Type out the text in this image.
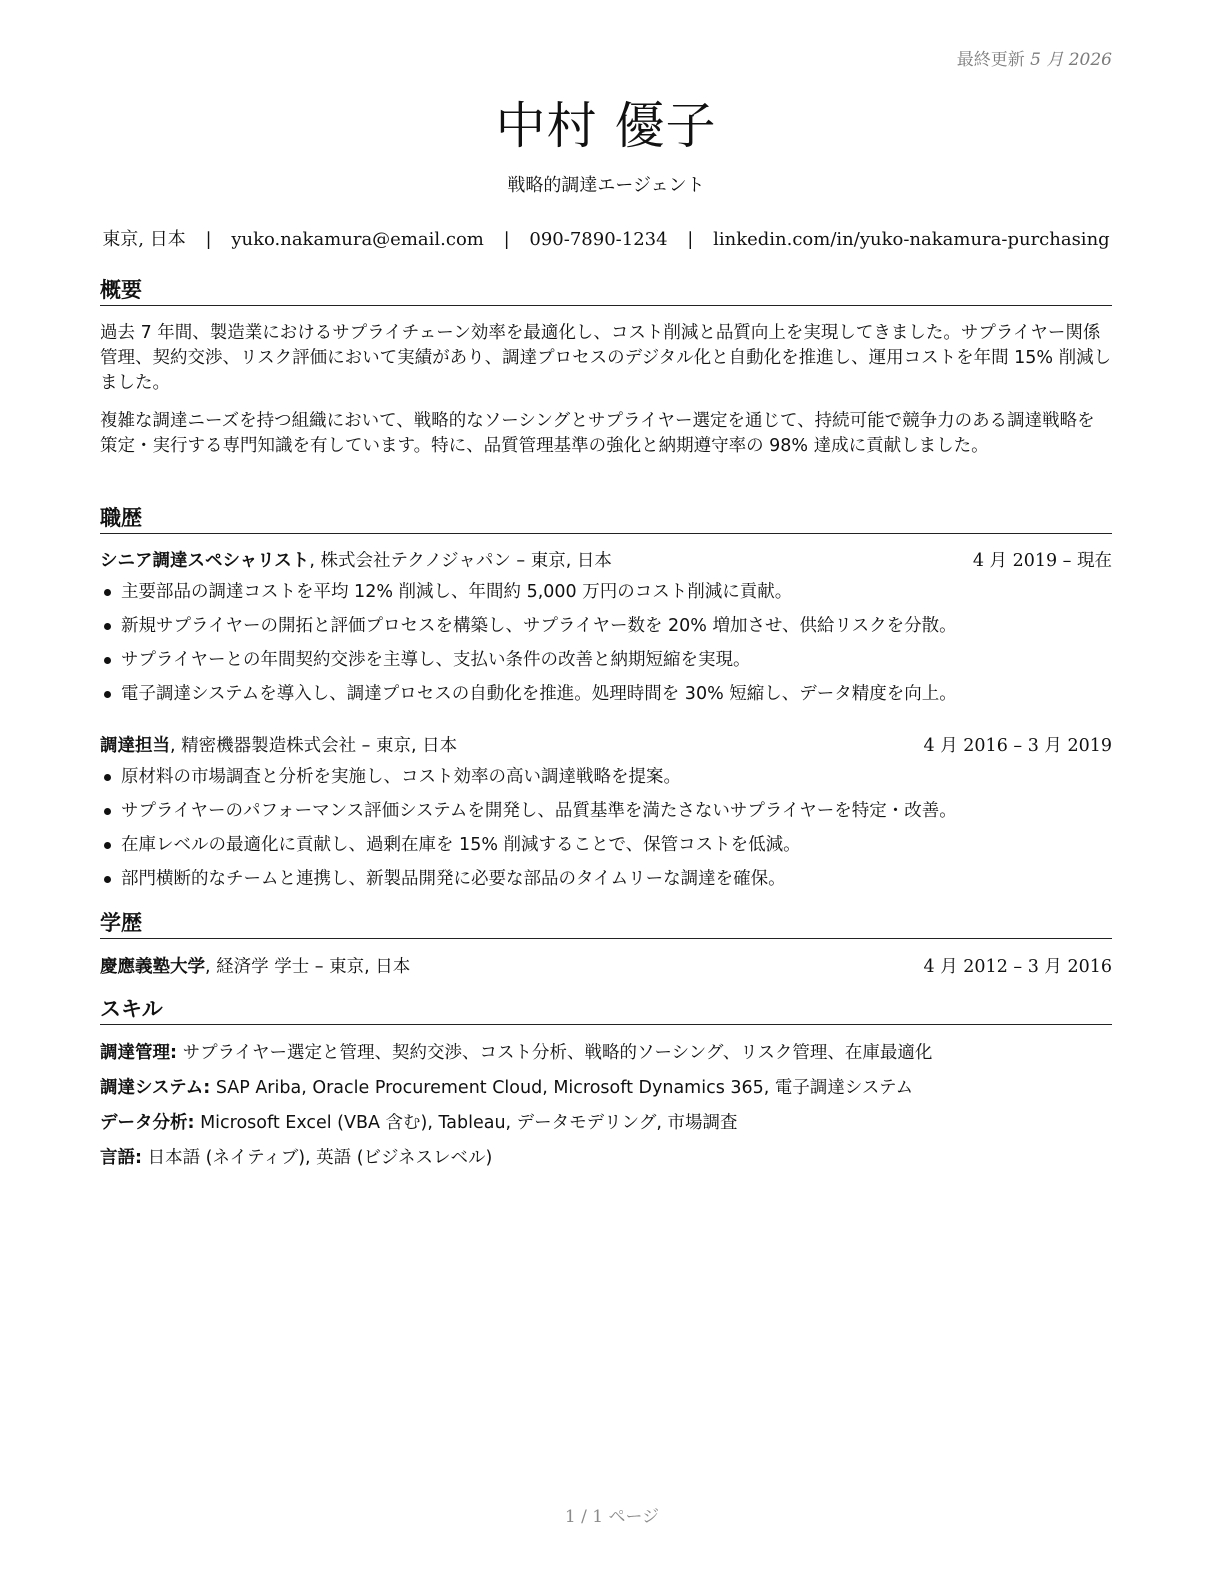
最終更新 5 月 2026
中村 優子
戦略的調達エージェント
東京, 日本 | yuko.nakamura@email.com | 090-7890-1234 | linkedin.com/in/yuko-nakamura-purchasing
概要
過去 7 年間、製造業におけるサプライチェーン効率を最適化し、コスト削減と品質向上を実現してきました。サプライヤー関係管理、契約交渉、リスク評価において実績があり、調達プロセスのデジタル化と自動化を推進し、運用コストを年間 15% 削減しました。
複雑な調達ニーズを持つ組織において、戦略的なソーシングとサプライヤー選定を通じて、持続可能で競争力のある調達戦略を策定・実行する専門知識を有しています。特に、品質管理基準の強化と納期遵守率の 98% 達成に貢献しました。
職歴
シニア調達スペシャリスト, 株式会社テクノジャパン – 東京, 日本	4 月 2019 – 現在
主要部品の調達コストを平均 12% 削減し、年間約 5,000 万円のコスト削減に貢献。
新規サプライヤーの開拓と評価プロセスを構築し、サプライヤー数を 20% 増加させ、供給リスクを分散。
サプライヤーとの年間契約交渉を主導し、支払い条件の改善と納期短縮を実現。
電子調達システムを導入し、調達プロセスの自動化を推進。処理時間を 30% 短縮し、データ精度を向上。
調達担当, 精密機器製造株式会社 – 東京, 日本	4 月 2016 – 3 月 2019
原材料の市場調査と分析を実施し、コスト効率の高い調達戦略を提案。
サプライヤーのパフォーマンス評価システムを開発し、品質基準を満たさないサプライヤーを特定・改善。
在庫レベルの最適化に貢献し、過剰在庫を 15% 削減することで、保管コストを低減。
部門横断的なチームと連携し、新製品開発に必要な部品のタイムリーな調達を確保。
学歴
慶應義塾大学, 経済学 学士 – 東京, 日本	4 月 2012 – 3 月 2016
スキル
調達管理: サプライヤー選定と管理、契約交渉、コスト分析、戦略的ソーシング、リスク管理、在庫最適化
調達システム: SAP Ariba, Oracle Procurement Cloud, Microsoft Dynamics 365, 電子調達システム
データ分析: Microsoft Excel (VBA 含む), Tableau, データモデリング, 市場調査
言語: 日本語 (ネイティブ), 英語 (ビジネスレベル)
1 / 1 ページ
